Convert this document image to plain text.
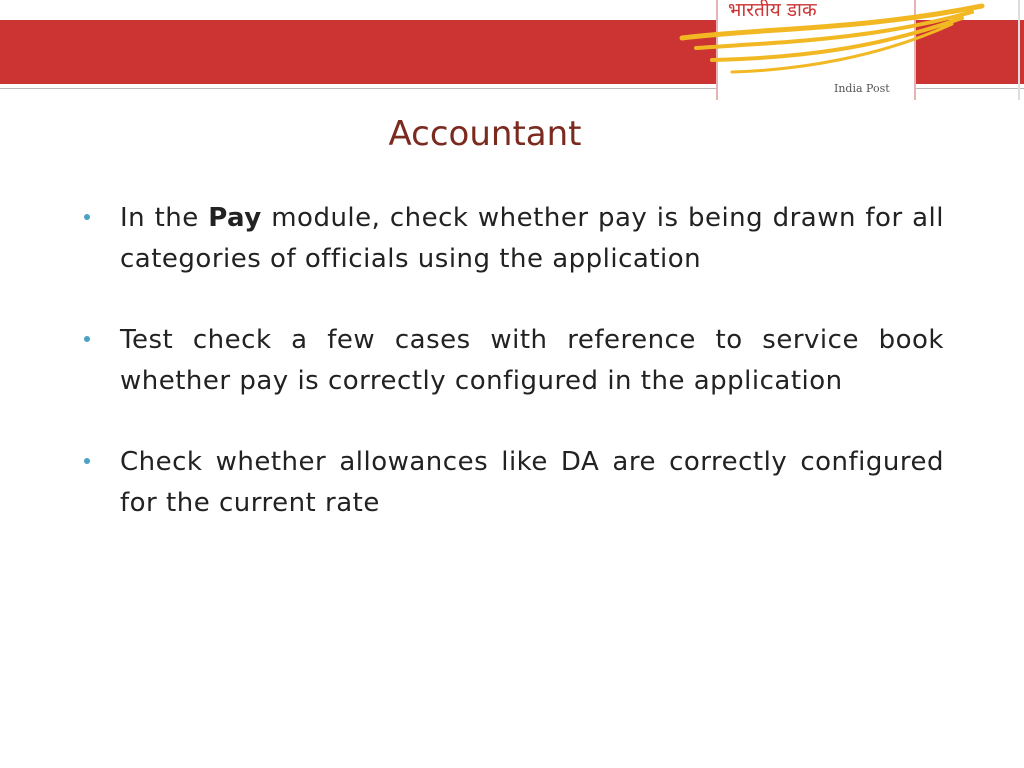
भारतीय डाक
India Post
Accountant
In the Pay module, check whether pay is being drawn for all categories of officials using the application
Test check a few cases with reference to service book whether pay is correctly configured in the application
Check whether allowances like DA are correctly configured for the current rate
